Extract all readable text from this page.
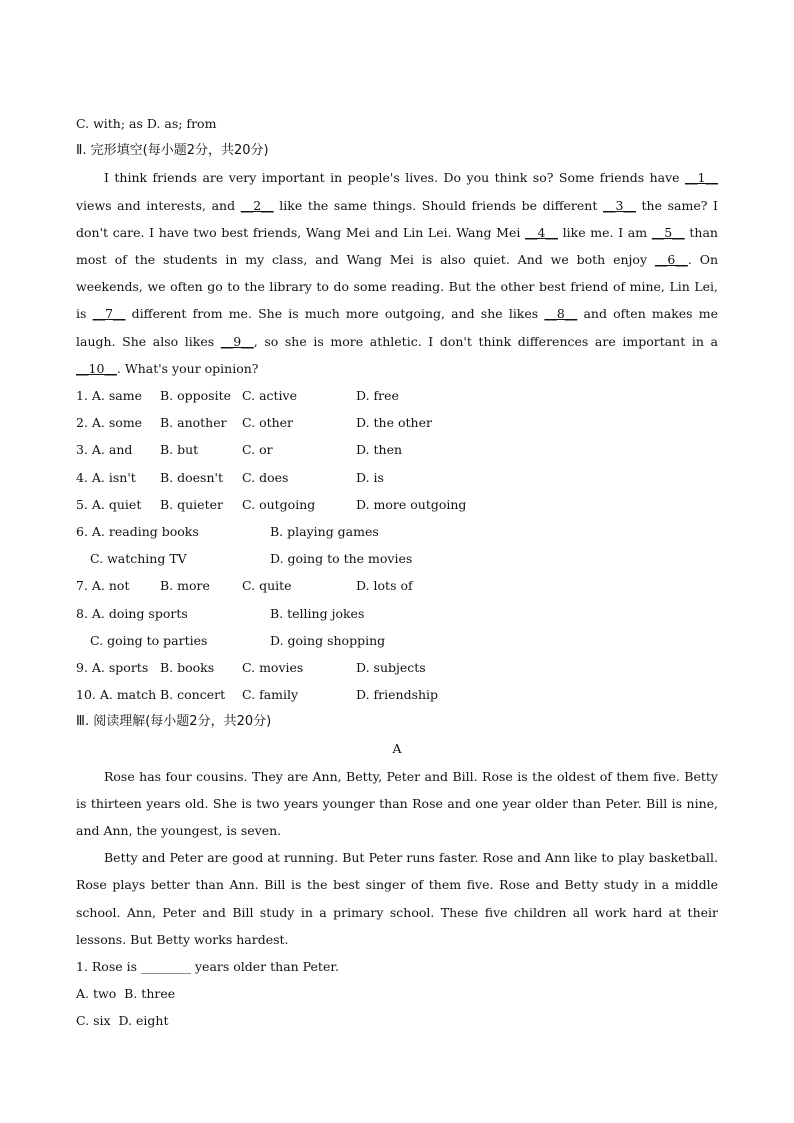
C. with; as D. as; from
Ⅱ. 完形填空(每小题2分，共20分)
I think friends are very important in people's lives. Do you think so? Some friends have __1__ views and interests, and __2__ like the same things. Should friends be different __3__ the same? I don't care. I have two best friends, Wang Mei and Lin Lei. Wang Mei __4__ like me. I am __5__ than most of the students in my class, and Wang Mei is also quiet. And we both enjoy __6__. On weekends, we often go to the library to do some reading. But the other best friend of mine, Lin Lei, is __7__ different from me. She is much more outgoing, and she likes __8__ and often makes me laugh. She also likes __9__, so she is more athletic. I don't think differences are important in a __10__. What's your opinion?
1. A. same B. opposite C. active	D. free
2. A. some B. another C. other	D. the other
3. A. and B. but	C. or	D. then
4. A. isn't B. doesn't C. does	D. is
5. A. quiet B. quieter C. outgoing	D. more outgoing
6. A. reading books	B. playing games
C. watching TV	D. going to the movies
7. A. not B. more	C. quite	D. lots of
8. A. doing sports	B. telling jokes
C. going to parties	D. going shopping
9. A. sports B. books C. movies	D. subjects
10. A. match B. concert C. family	D. friendship
Ⅲ. 阅读理解(每小题2分，共20分)
A
Rose has four cousins. They are Ann, Betty, Peter and Bill. Rose is the oldest of them five. Betty is thirteen years old. She is two years younger than Rose and one year older than Peter. Bill is nine, and Ann, the youngest, is seven.
Betty and Peter are good at running. But Peter runs faster. Rose and Ann like to play basketball. Rose plays better than Ann. Bill is the best singer of them five. Rose and Betty study in a middle school. Ann, Peter and Bill study in a primary school. These five children all work hard at their lessons. But Betty works hardest.
1. Rose is ________ years older than Peter.
A. two  B. three
C. six  D. eight
